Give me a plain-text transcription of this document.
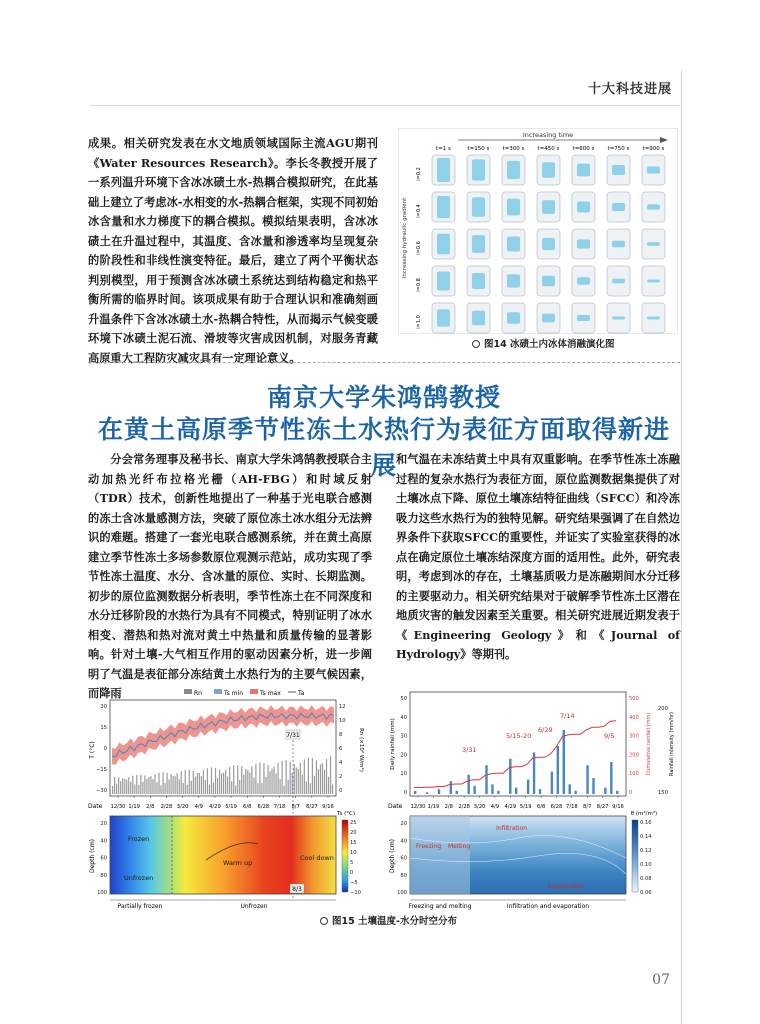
十大科技进展

成果。相关研究发表在水文地质领域国际主流AGU期刊《Water Resources Research》。李长冬教授开展了一系列温升环境下含冰冰碛土水-热耦合模拟研究，在此基础上建立了考虑冰-水相变的水-热耦合框架，实现不同初始冰含量和水力梯度下的耦合模拟。模拟结果表明，含冰冰碛土在升温过程中，其温度、含冰量和渗透率均呈现复杂的阶段性和非线性演变特征。最后，建立了两个平衡状态判别模型，用于预测含冰冰碛土系统达到结构稳定和热平衡所需的临界时间。该项成果有助于合理认识和准确刻画升温条件下含冰冰碛土水-热耦合特性，从而揭示气候变暖环境下冰碛土泥石流、滑坡等灾害成因机制，对服务青藏高原重大工程防灾减灾具有一定理论意义。

Increasing time
Increasing hydraulic gradient
t=1 s	t=150 s t=300 s t=450 s t=600 s t=750 s t=900 s
i=0.2
i=0.4
i=0.6
i=0.8
i=1.0
图14 冰碛土内冰体消融演化图
南京大学朱鸿鹄教授
在黄土高原季节性冻土水热行为表征方面取得新进展

分会常务理事及秘书长、南京大学朱鸿鹄教授联合主动加热光纤布拉格光栅（AH-FBG）和时域反射（TDR）技术，创新性地提出了一种基于光电联合感测的冻土含冰量感测方法，突破了原位冻土冰水组分无法辨识的难题。搭建了一套光电联合感测系统，并在黄土高原建立季节性冻土多场参数原位观测示范站，成功实现了季节性冻土温度、水分、含冰量的原位、实时、长期监测。初步的原位监测数据分析表明，季节性冻土在不同深度和水分迁移阶段的水热行为具有不同模式，特别证明了冰水相变、潜热和热对流对黄土中热量和质量传输的显著影响。针对土壤-大气相互作用的驱动因素分析，进一步阐明了气温是表征部分冻结黄土水热行为的主要气候因素，而降雨

和气温在未冻结黄土中具有双重影响。在季节性冻土冻融过程的复杂水热行为表征方面，原位监测数据集提供了对土壤冰点下降、原位土壤冻结特征曲线（SFCC）和冷冻吸力这些水热行为的独特见解。研究结果强调了在自然边界条件下获取SFCC的重要性，并证实了实验室获得的冰点在确定原位土壤冻结深度方面的适用性。此外，研究表明，考虑到冰的存在，土壤基质吸力是冻融期间水分迁移的主要驱动力。相关研究结果对于破解季节性冻土区潜在地质灾害的触发因素至关重要。相关研究进展近期发表于《Engineering Geology》和《Journal of Hydrology》等期刊。

Rn	Ts min	Ts max	Ta
T (°C)	Rn (×10² W/m²)
30
15
0
−15
−30
12
10
8
6
4
2
0
7/31
Date 12/30 1/19 2/8 2/28 3/20 4/9 4/29 5/19 6/8 6/28 7/18 8/7 8/27 9/16
Frozen
Unfrozen
Warm up
Cool down
8/3
Depth (cm)
20
40
60
80
100
Ts (°C)
25
20
15
10
5
0
−5
−10
Partially frozen	Unfrozen
Daily rainfall (mm)	Cumulative rainfall (mm)	Rainfall intensity (mm/hr)
50
40
30
20
10
0
500
400
300
200
100
0
200
150
3/31
5/15-20
6/29
7/14
9/5
Date 12/30 1/19 2/8 2/28 3/20 4/9 4/29 5/19 6/8 6/28 7/18 8/7 8/27 9/16
Freezing Melting
Infiltration
Evaporation
Depth (cm)
20
40
60
80
100
θ (m³/m³)
0.16
0.14
0.12
0.10
0.08
0.06
Freezing and melting	Infiltration and evaporation
图15 土壤温度-水分时空分布
07
